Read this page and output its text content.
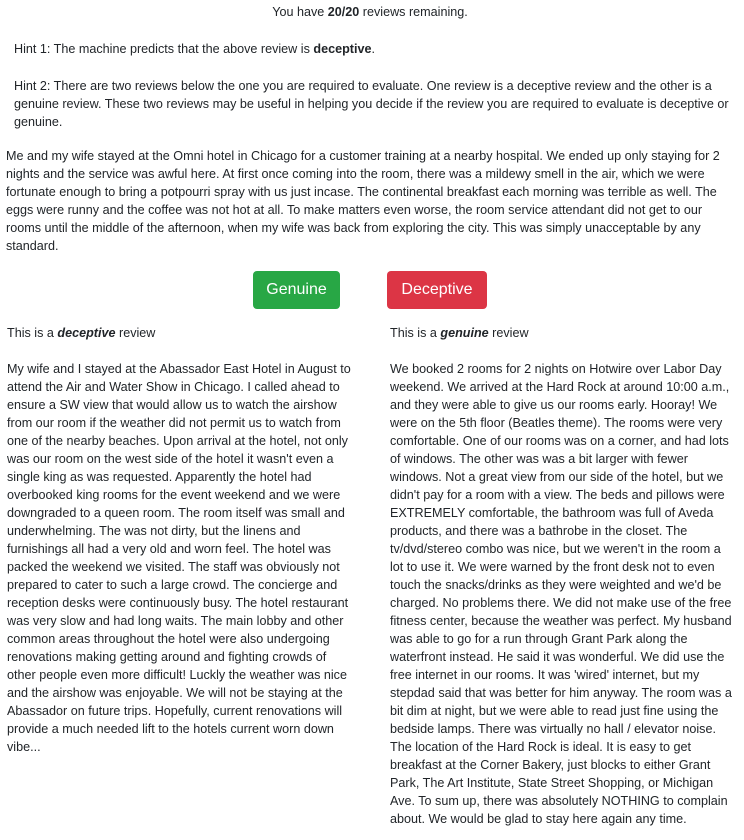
You have 20/20 reviews remaining.
Hint 1: The machine predicts that the above review is deceptive.
Hint 2: There are two reviews below the one you are required to evaluate. One review is a deceptive review and the other is a genuine review. These two reviews may be useful in helping you decide if the review you are required to evaluate is deceptive or genuine.
Me and my wife stayed at the Omni hotel in Chicago for a customer training at a nearby hospital. We ended up only staying for 2 nights and the service was awful here. At first once coming into the room, there was a mildewy smell in the air, which we were fortunate enough to bring a potpourri spray with us just incase. The continental breakfast each morning was terrible as well. The eggs were runny and the coffee was not hot at all. To make matters even worse, the room service attendant did not get to our rooms until the middle of the afternoon, when my wife was back from exploring the city. This was simply unacceptable by any standard.
Genuine	Deceptive

This is a deceptive review

My wife and I stayed at the Abassador East Hotel in August to attend the Air and Water Show in Chicago. I called ahead to ensure a SW view that would allow us to watch the airshow from our room if the weather did not permit us to watch from one of the nearby beaches. Upon arrival at the hotel, not only was our room on the west side of the hotel it wasn't even a single king as was requested. Apparently the hotel had overbooked king rooms for the event weekend and we were downgraded to a queen room. The room itself was small and underwhelming. The was not dirty, but the linens and furnishings all had a very old and worn feel. The hotel was packed the weekend we visited. The staff was obviously not prepared to cater to such a large crowd. The concierge and reception desks were continuously busy. The hotel restaurant was very slow and had long waits. The main lobby and other common areas throughout the hotel were also undergoing renovations making getting around and fighting crowds of other people even more difficult! Luckly the weather was nice and the airshow was enjoyable. We will not be staying at the Abassador on future trips. Hopefully, current renovations will provide a much needed lift to the hotels current worn down vibe...

This is a genuine review

We booked 2 rooms for 2 nights on Hotwire over Labor Day weekend. We arrived at the Hard Rock at around 10:00 a.m., and they were able to give us our rooms early. Hooray! We were on the 5th floor (Beatles theme). The rooms were very comfortable. One of our rooms was on a corner, and had lots of windows. The other was was a bit larger with fewer windows. Not a great view from our side of the hotel, but we didn't pay for a room with a view. The beds and pillows were EXTREMELY comfortable, the bathroom was full of Aveda products, and there was a bathrobe in the closet. The tv/dvd/stereo combo was nice, but we weren't in the room a lot to use it. We were warned by the front desk not to even touch the snacks/drinks as they were weighted and we'd be charged. No problems there. We did not make use of the free fitness center, because the weather was perfect. My husband was able to go for a run through Grant Park along the waterfront instead. He said it was wonderful. We did use the free internet in our rooms. It was 'wired' internet, but my stepdad said that was better for him anyway. The room was a bit dim at night, but we were able to read just fine using the bedside lamps. There was virtually no hall / elevator noise. The location of the Hard Rock is ideal. It is easy to get breakfast at the Corner Bakery, just blocks to either Grant Park, The Art Institute, State Street Shopping, or Michigan Ave. To sum up, there was absolutely NOTHING to complain about. We would be glad to stay here again any time.
